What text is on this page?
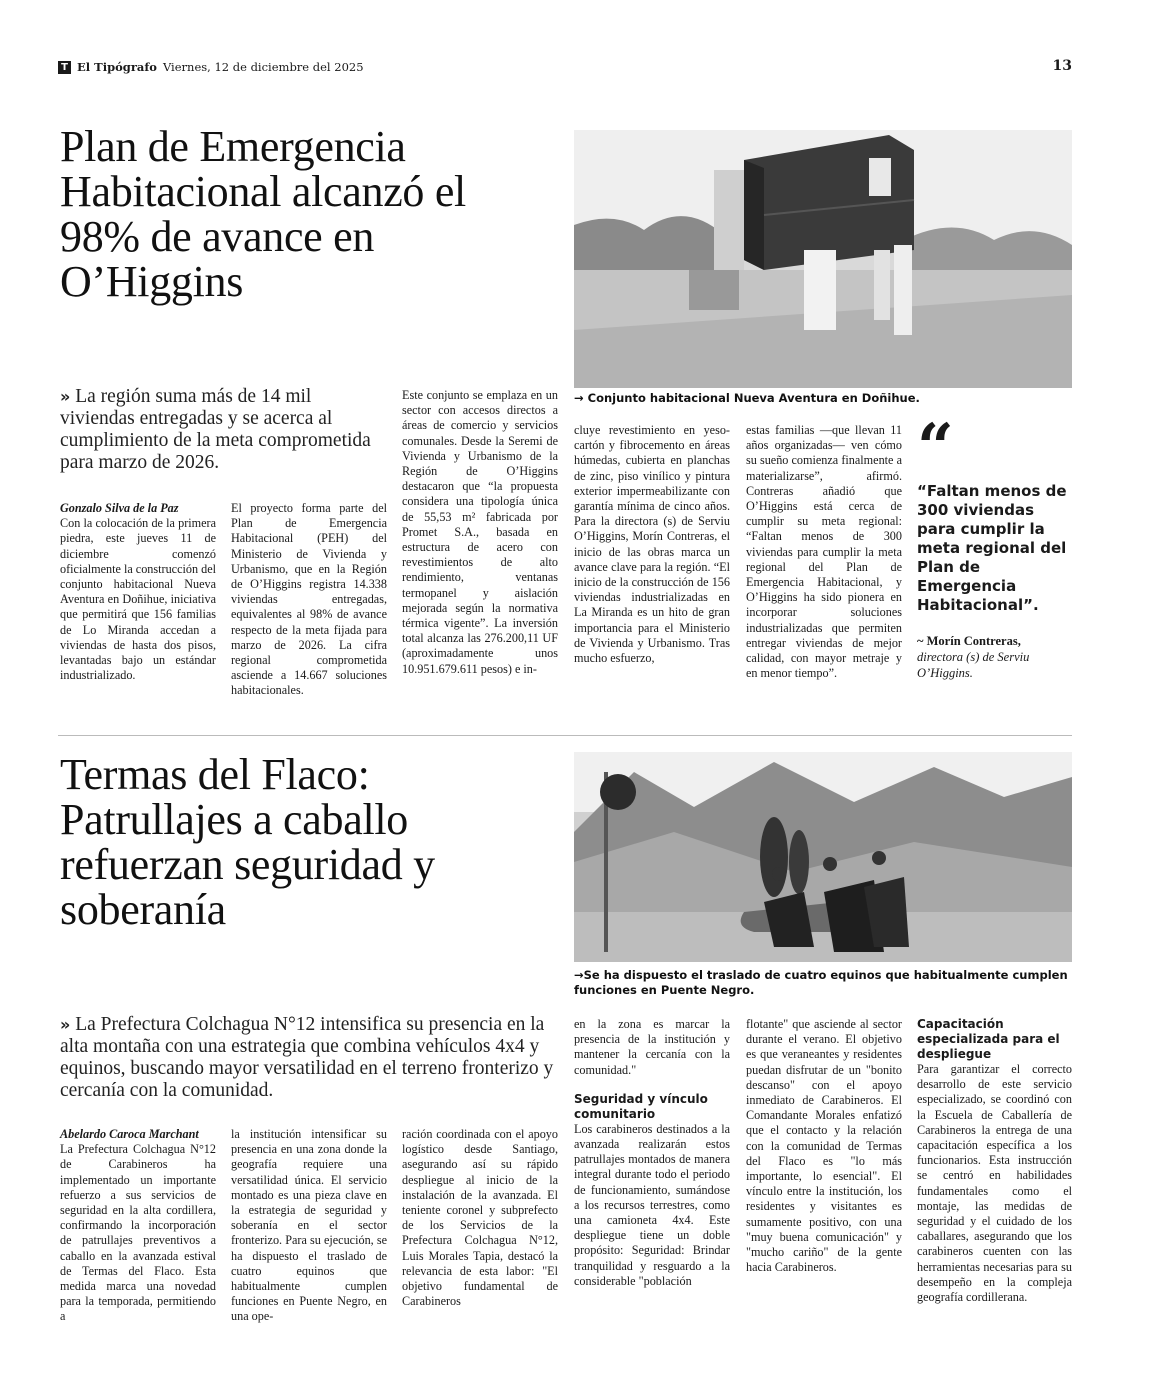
T El Tipógrafo Viernes, 12 de diciembre del 2025	13
Plan de Emergencia Habitacional alcanzó el 98% de avance en O’Higgins
→ Conjunto habitacional Nueva Aventura en Doñihue.
» La región suma más de 14 mil viviendas entregadas y se acerca al cumplimiento de la meta comprometida para marzo de 2026.

Gonzalo Silva de la Paz

Con la colocación de la primera piedra, este jueves 11 de diciembre comenzó oficialmente la construcción del conjunto habitacional Nueva Aventura en Doñihue, iniciativa que permitirá que 156 familias de Lo Miranda accedan a viviendas de hasta dos pisos, levantadas bajo un estándar industrializado.

El proyecto forma parte del Plan de Emergencia Habitacional (PEH) del Ministerio de Vivienda y Urbanismo, que en la Región de O’Higgins registra 14.338 viviendas entregadas, equivalentes al 98% de avance respecto de la meta fijada para marzo de 2026. La cifra regional comprometida asciende a 14.667 soluciones habitacionales.

Este conjunto se emplaza en un sector con accesos directos a áreas de comercio y servicios comunales. Desde la Seremi de Vivienda y Urbanismo de la Región de O’Higgins destacaron que “la propuesta considera una tipología única de 55,53 m² fabricada por Promet S.A., basada en estructura de acero con revestimientos de alto rendimiento, ventanas termopanel y aislación mejorada según la normativa térmica vigente”. La inversión total alcanza las 276.200,11 UF (aproximadamente unos 10.951.679.611 pesos) e in-

cluye revestimiento en yeso-cartón y fibrocemento en áreas húmedas, cubierta en planchas de zinc, piso vinílico y pintura exterior impermeabilizante con garantía mínima de cinco años. Para la directora (s) de Serviu O’Higgins, Morín Contreras, el inicio de las obras marca un avance clave para la región. “El inicio de la construcción de 156 viviendas industrializadas en La Miranda es un hito de gran importancia para el Ministerio de Vivienda y Urbanismo. Tras mucho esfuerzo,

estas familias —que llevan 11 años organizadas— ven cómo su sueño comienza finalmente a materializarse”, afirmó. Contreras añadió que O’Higgins está cerca de cumplir su meta regional: “Faltan menos de 300 viviendas para cumplir la meta regional del Plan de Emergencia Habitacional, y O’Higgins ha sido pionera en incorporar soluciones industrializadas que permiten entregar viviendas de mejor calidad, con mayor metraje y en menor tiempo”.

“
“Faltan menos de 300 viviendas para cumplir la meta regional del Plan de Emergencia Habitacional”.
~ Morín Contreras,
directora (s) de Serviu O’Higgins.
Termas del Flaco: Patrullajes a caballo refuerzan seguridad y soberanía
→Se ha dispuesto el traslado de cuatro equinos que habitualmente cumplen funciones en Puente Negro.
» La Prefectura Colchagua N°12 intensifica su presencia en la alta montaña con una estrategia que combina vehículos 4x4 y equinos, buscando mayor versatilidad en el terreno fronterizo y cercanía con la comunidad.

Abelardo Caroca Marchant

La Prefectura Colchagua N°12 de Carabineros ha implementado un importante refuerzo a sus servicios de seguridad en la alta cordillera, confirmando la incorporación de patrullajes preventivos a caballo en la avanzada estival de Termas del Flaco. Esta medida marca una novedad para la temporada, permitiendo a

la institución intensificar su presencia en una zona donde la geografía requiere una versatilidad única. El servicio montado es una pieza clave en la estrategia de seguridad y soberanía en el sector fronterizo. Para su ejecución, se ha dispuesto el traslado de cuatro equinos que habitualmente cumplen funciones en Puente Negro, en una ope-

ración coordinada con el apoyo logístico desde Santiago, asegurando así su rápido despliegue al inicio de la instalación de la avanzada. El teniente coronel y subprefecto de los Servicios de la Prefectura Colchagua N°12, Luis Morales Tapia, destacó la relevancia de esta labor: "El objetivo fundamental de Carabineros

en la zona es marcar la presencia de la institución y mantener la cercanía con la comunidad."

Seguridad y vínculo comunitario

Los carabineros destinados a la avanzada realizarán estos patrullajes montados de manera integral durante todo el periodo de funcionamiento, sumándose a los recursos terrestres, como una camioneta 4x4. Este despliegue tiene un doble propósito: Seguridad: Brindar tranquilidad y resguardo a la considerable "población

flotante" que asciende al sector durante el verano. El objetivo es que veraneantes y residentes puedan disfrutar de un "bonito descanso" con el apoyo inmediato de Carabineros. El Comandante Morales enfatizó que el contacto y la relación con la comunidad de Termas del Flaco es "lo más importante, lo esencial". El vínculo entre la institución, los residentes y visitantes es sumamente positivo, con una "muy buena comunicación" y "mucho cariño" de la gente hacia Carabineros.

Capacitación especializada para el despliegue

Para garantizar el correcto desarrollo de este servicio especializado, se coordinó con la Escuela de Caballería de Carabineros la entrega de una capacitación específica a los funcionarios. Esta instrucción se centró en habilidades fundamentales como el montaje, las medidas de seguridad y el cuidado de los caballares, asegurando que los carabineros cuenten con las herramientas necesarias para su desempeño en la compleja geografía cordillerana.
